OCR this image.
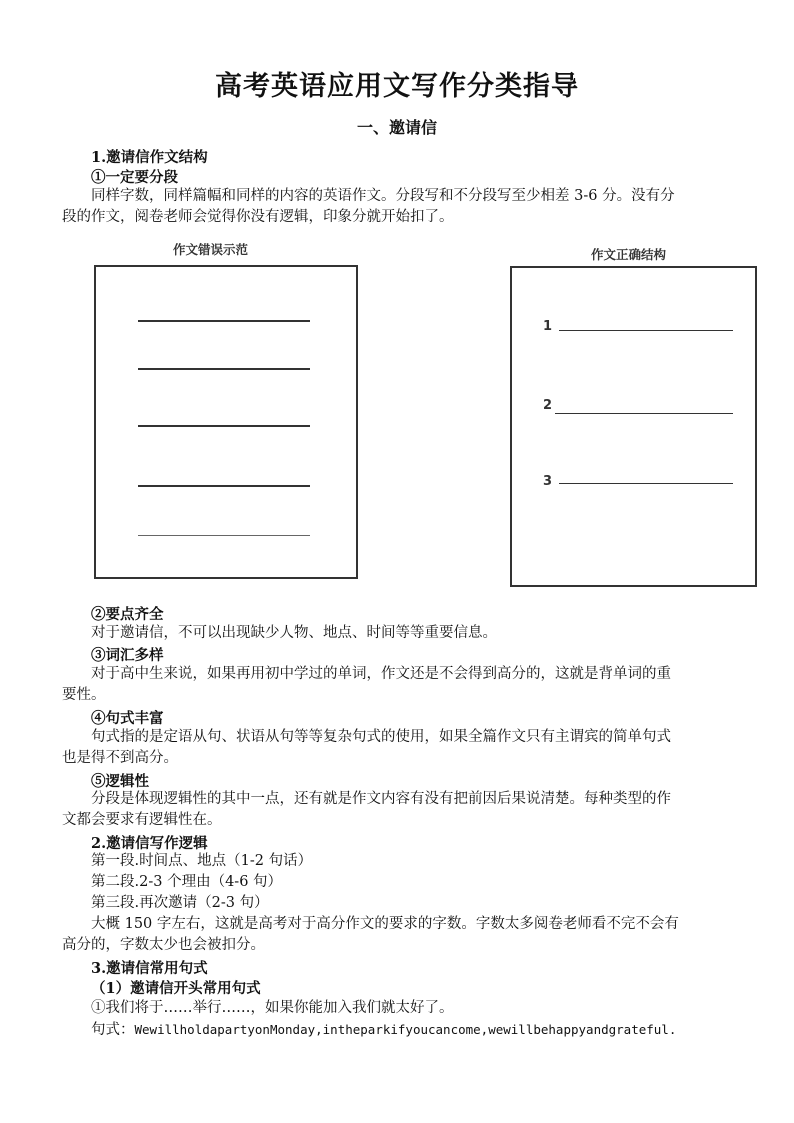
高考英语应用文写作分类指导
一、邀请信
1.邀请信作文结构
①一定要分段
同样字数，同样篇幅和同样的内容的英语作文。分段写和不分段写至少相差 3-6 分。没有分
段的作文，阅卷老师会觉得你没有逻辑，印象分就开始扣了。
作文错误示范	作文正确结构
1
2
3
②要点齐全
对于邀请信，不可以出现缺少人物、地点、时间等等重要信息。
③词汇多样
对于高中生来说，如果再用初中学过的单词，作文还是不会得到高分的，这就是背单词的重
要性。
④句式丰富
句式指的是定语从句、状语从句等等复杂句式的使用，如果全篇作文只有主谓宾的简单句式
也是得不到高分。
⑤逻辑性
分段是体现逻辑性的其中一点，还有就是作文内容有没有把前因后果说清楚。每种类型的作
文都会要求有逻辑性在。
2.邀请信写作逻辑
第一段.时间点、地点（1-2 句话）
第二段.2-3 个理由（4-6 句）
第三段.再次邀请（2-3 句）
大概 150 字左右，这就是高考对于高分作文的要求的字数。字数太多阅卷老师看不完不会有
高分的，字数太少也会被扣分。
3.邀请信常用句式
（1）邀请信开头常用句式
①我们将于……举行……，如果你能加入我们就太好了。
句式：WewillholdapartyonMonday,intheparkifyoucancome,wewillbehappyandgrateful.
